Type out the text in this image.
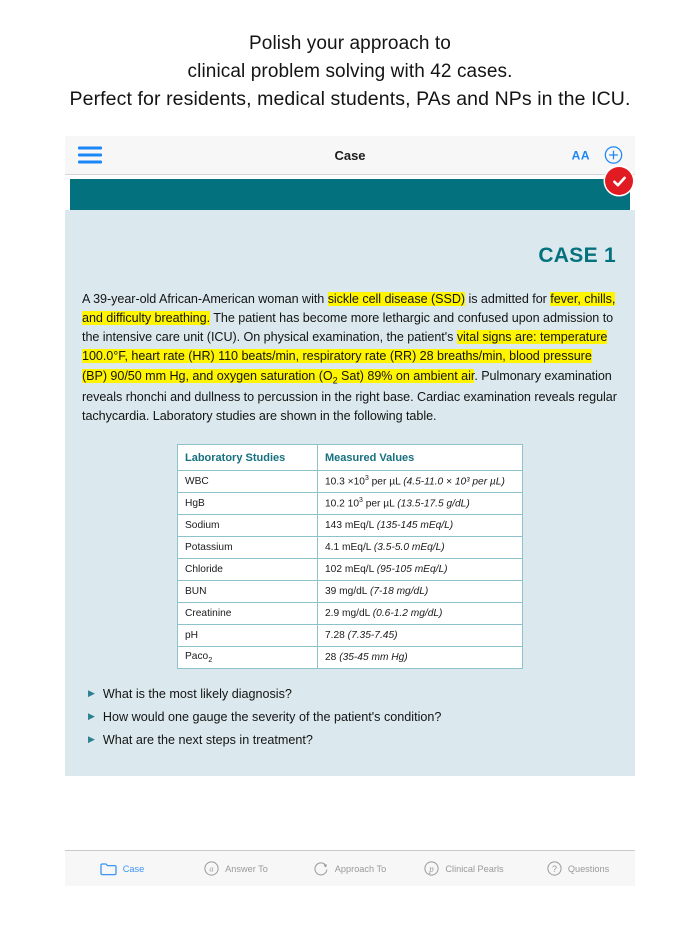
Polish your approach to
clinical problem solving with 42 cases.
Perfect for residents, medical students, PAs and NPs in the ICU.
Case	AA
CASE 1
A 39-year-old African-American woman with sickle cell disease (SSD) is admitted for fever, chills, and difficulty breathing. The patient has become more lethargic and confused upon admission to the intensive care unit (ICU). On physical examination, the patient's vital signs are: temperature 100.0°F, heart rate (HR) 110 beats/min, respiratory rate (RR) 28 breaths/min, blood pressure (BP) 90/50 mm Hg, and oxygen saturation ($O_2$ Sat) 89% on ambient air. Pulmonary examination reveals rhonchi and dullness to percussion in the right base. Cardiac examination reveals regular tachycardia. Laboratory studies are shown in the following table.
Laboratory Studies	Measured Values
WBC	$10.3 \times 10^3$ per µL (4.5-11.0 × 10³ per µL)
HgB	10.2 $10^3$ per µL (13.5-17.5 g/dL)
Sodium	143 mEq/L (135-145 mEq/L)
Potassium	4.1 mEq/L (3.5-5.0 mEq/L)
Chloride	102 mEq/L (95-105 mEq/L)
BUN	39 mg/dL (7-18 mg/dL)
Creatinine	2.9 mg/dL (0.6-1.2 mg/dL)
pH	7.28 (7.35-7.45)
Paco$_2$	28 (35-45 mm Hg)
▶ What is the most likely diagnosis?
▶ How would one gauge the severity of the patient's condition?
▶ What are the next steps in treatment?
Case	a Answer To	Approach To	p Clinical Pearls	? Questions
